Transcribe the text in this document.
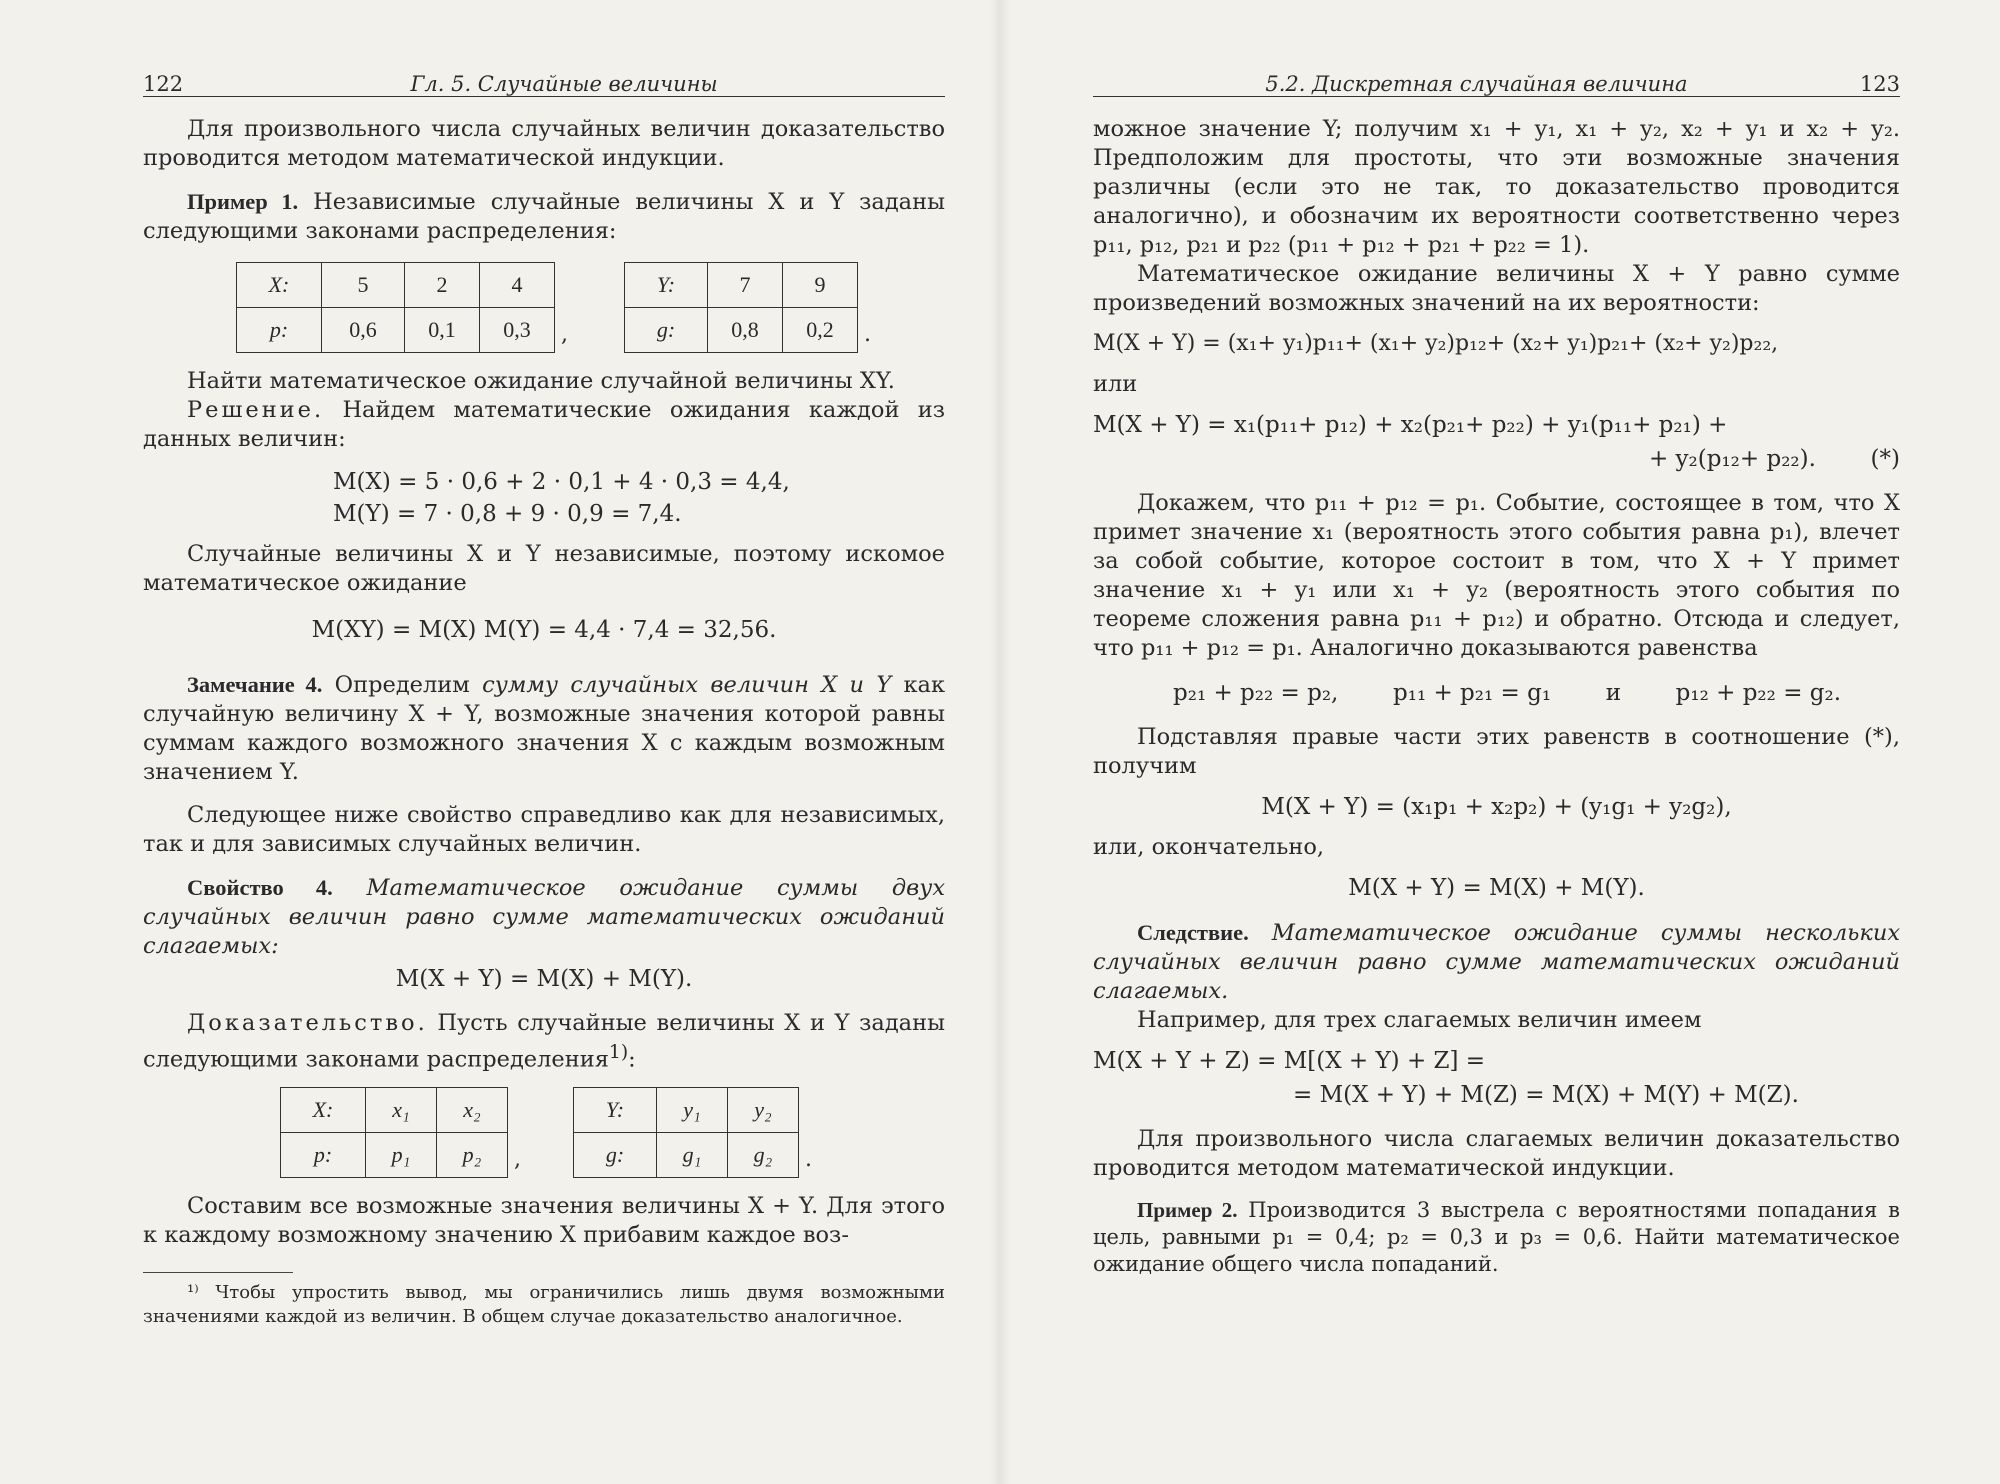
122	Гл. 5. Случайные величины

Для произвольного числа случайных величин доказательство проводится методом математической индукции.

Пример 1. Независимые случайные величины X и Y заданы следующими законами распределения:

X:	5	2	4
p:	0,6	0,1	0,3 ,
Y:	7	9
g:	0,8	0,2 .

Найти математическое ожидание случайной величины XY.

Решение. Найдем математические ожидания каждой из данных величин:

M(X) = 5 · 0,6 + 2 · 0,1 + 4 · 0,3 = 4,4,
M(Y) = 7 · 0,8 + 9 · 0,9 = 7,4.

Случайные величины X и Y независимые, поэтому искомое математическое ожидание

M(XY) = M(X) M(Y) = 4,4 · 7,4 = 32,56.

Замечание 4. Определим сумму случайных величин X и Y как случайную величину X + Y, возможные значения которой равны суммам каждого возможного значения X с каждым возможным значением Y.

Следующее ниже свойство справедливо как для независимых, так и для зависимых случайных величин.

Свойство 4. Математическое ожидание суммы двух случайных величин равно сумме математических ожиданий слагаемых:

M(X + Y) = M(X) + M(Y).

Доказательство. Пусть случайные величины X и Y заданы следующими законами распределения$^{1)}$:

X:	x₁	x₂
p:	p₁	p₂ ,
Y:	y₁	y₂
g:	g₁	g₂ .

Составим все возможные значения величины X + Y. Для этого к каждому возможному значению X прибавим каждое воз-

¹⁾ Чтобы упростить вывод, мы ограничились лишь двумя возможными значениями каждой из величин. В общем случае доказательство аналогичное.

5.2. Дискретная случайная величина	123

можное значение Y; получим x₁ + y₁, x₁ + y₂, x₂ + y₁ и x₂ + y₂. Предположим для простоты, что эти возможные значения различны (если это не так, то доказательство проводится аналогично), и обозначим их вероятности соответственно через p₁₁, p₁₂, p₂₁ и p₂₂ (p₁₁ + p₁₂ + p₂₁ + p₂₂ = 1).

Математическое ожидание величины X + Y равно сумме произведений возможных значений на их вероятности:

M(X + Y) = (x₁+ y₁)p₁₁+ (x₁+ y₂)p₁₂+ (x₂+ y₁)p₂₁+ (x₂+ y₂)p₂₂,

или

M(X + Y) = x₁(p₁₁+ p₁₂) + x₂(p₂₁+ p₂₂) + y₁(p₁₁+ p₂₁) +
+ y₂(p₁₂+ p₂₂). (*)

Докажем, что p₁₁ + p₁₂ = p₁. Событие, состоящее в том, что X примет значение x₁ (вероятность этого события равна p₁), влечет за собой событие, которое состоит в том, что X + Y примет значение x₁ + y₁ или x₁ + y₂ (вероятность этого события по теореме сложения равна p₁₁ + p₁₂) и обратно. Отсюда и следует, что p₁₁ + p₁₂ = p₁. Аналогично доказываются равенства

p₂₁ + p₂₂ = p₂, p₁₁ + p₂₁ = g₁ и p₁₂ + p₂₂ = g₂.

Подставляя правые части этих равенств в соотношение (*), получим

M(X + Y) = (x₁p₁ + x₂p₂) + (y₁g₁ + y₂g₂),

или, окончательно,

M(X + Y) = M(X) + M(Y).

Следствие. Математическое ожидание суммы нескольких случайных величин равно сумме математических ожиданий слагаемых.

Например, для трех слагаемых величин имеем

M(X + Y + Z) = M[(X + Y) + Z] =
= M(X + Y) + M(Z) = M(X) + M(Y) + M(Z).

Для произвольного числа слагаемых величин доказательство проводится методом математической индукции.

Пример 2. Производится 3 выстрела с вероятностями попадания в цель, равными p₁ = 0,4; p₂ = 0,3 и p₃ = 0,6. Найти математическое ожидание общего числа попаданий.
